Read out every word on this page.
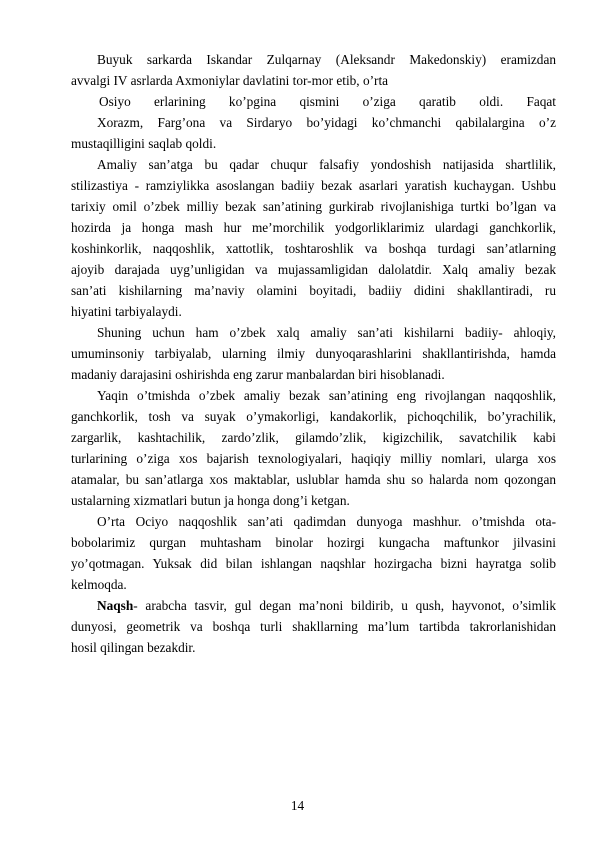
Buyuk sarkarda Iskandar Zulqarnay (Aleksandr Makedonskiy) eramizdan
avvalgi IV asrlarda Axmoniylar davlatini tor-mor etib, o’rta
Osiyo erlarining ko’pgina qismini o’ziga qaratib oldi. Faqat
Xorazm, Farg’ona va Sirdaryo bo’yidagi ko’chmanchi qabilalargina o’z
mustaqilligini saqlab qoldi.
Amaliy san’atga bu qadar chuqur falsafiy yondoshish natijasida shartlilik,
stilizastiya - ramziylikka asoslangan badiiy bezak asarlari yaratish kuchaygan. Ushbu
tarixiy omil o’zbek milliy bezak san’atining gurkirab rivojlanishiga turtki bo’lgan va
hozirda ja honga mash hur me’morchilik yodgorliklarimiz ulardagi ganchkorlik,
koshinkorlik, naqqoshlik, xattotlik, toshtaroshlik va boshqa turdagi san’atlarning
ajoyib darajada uyg’unligidan va mujassamligidan dalolatdir. Xalq amaliy bezak
san’ati kishilarning ma’naviy olamini boyitadi, badiiy didini shakllantiradi, ru
hiyatini tarbiyalaydi.
Shuning uchun ham o’zbek xalq amaliy san’ati kishilarni badiiy- ahloqiy,
umuminsoniy tarbiyalab, ularning ilmiy dunyoqarashlarini shakllantirishda, hamda
madaniy darajasini oshirishda eng zarur manbalardan biri hisoblanadi.
Yaqin o’tmishda o’zbek amaliy bezak san’atining eng rivojlangan naqqoshlik,
ganchkorlik, tosh va suyak o’ymakorligi, kandakorlik, pichoqchilik, bo’yrachilik,
zargarlik, kashtachilik, zardo’zlik, gilamdo’zlik, kigizchilik, savatchilik kabi
turlarining o’ziga xos bajarish texnologiyalari, haqiqiy milliy nomlari, ularga xos
atamalar, bu san’atlarga xos maktablar, uslublar hamda shu so halarda nom qozongan
ustalarning xizmatlari butun ja honga dong’i ketgan.
O’rta Ociyo naqqoshlik san’ati qadimdan dunyoga mashhur. o’tmishda ota-
bobolarimiz qurgan muhtasham binolar hozirgi kungacha maftunkor jilvasini
yo’qotmagan. Yuksak did bilan ishlangan naqshlar hozirgacha bizni hayratga solib
kelmoqda.
Naqsh- arabcha tasvir, gul degan ma’noni bildirib, u qush, hayvonot, o’simlik
dunyosi, geometrik va boshqa turli shakllarning ma’lum tartibda takrorlanishidan
hosil qilingan bezakdir.
14
